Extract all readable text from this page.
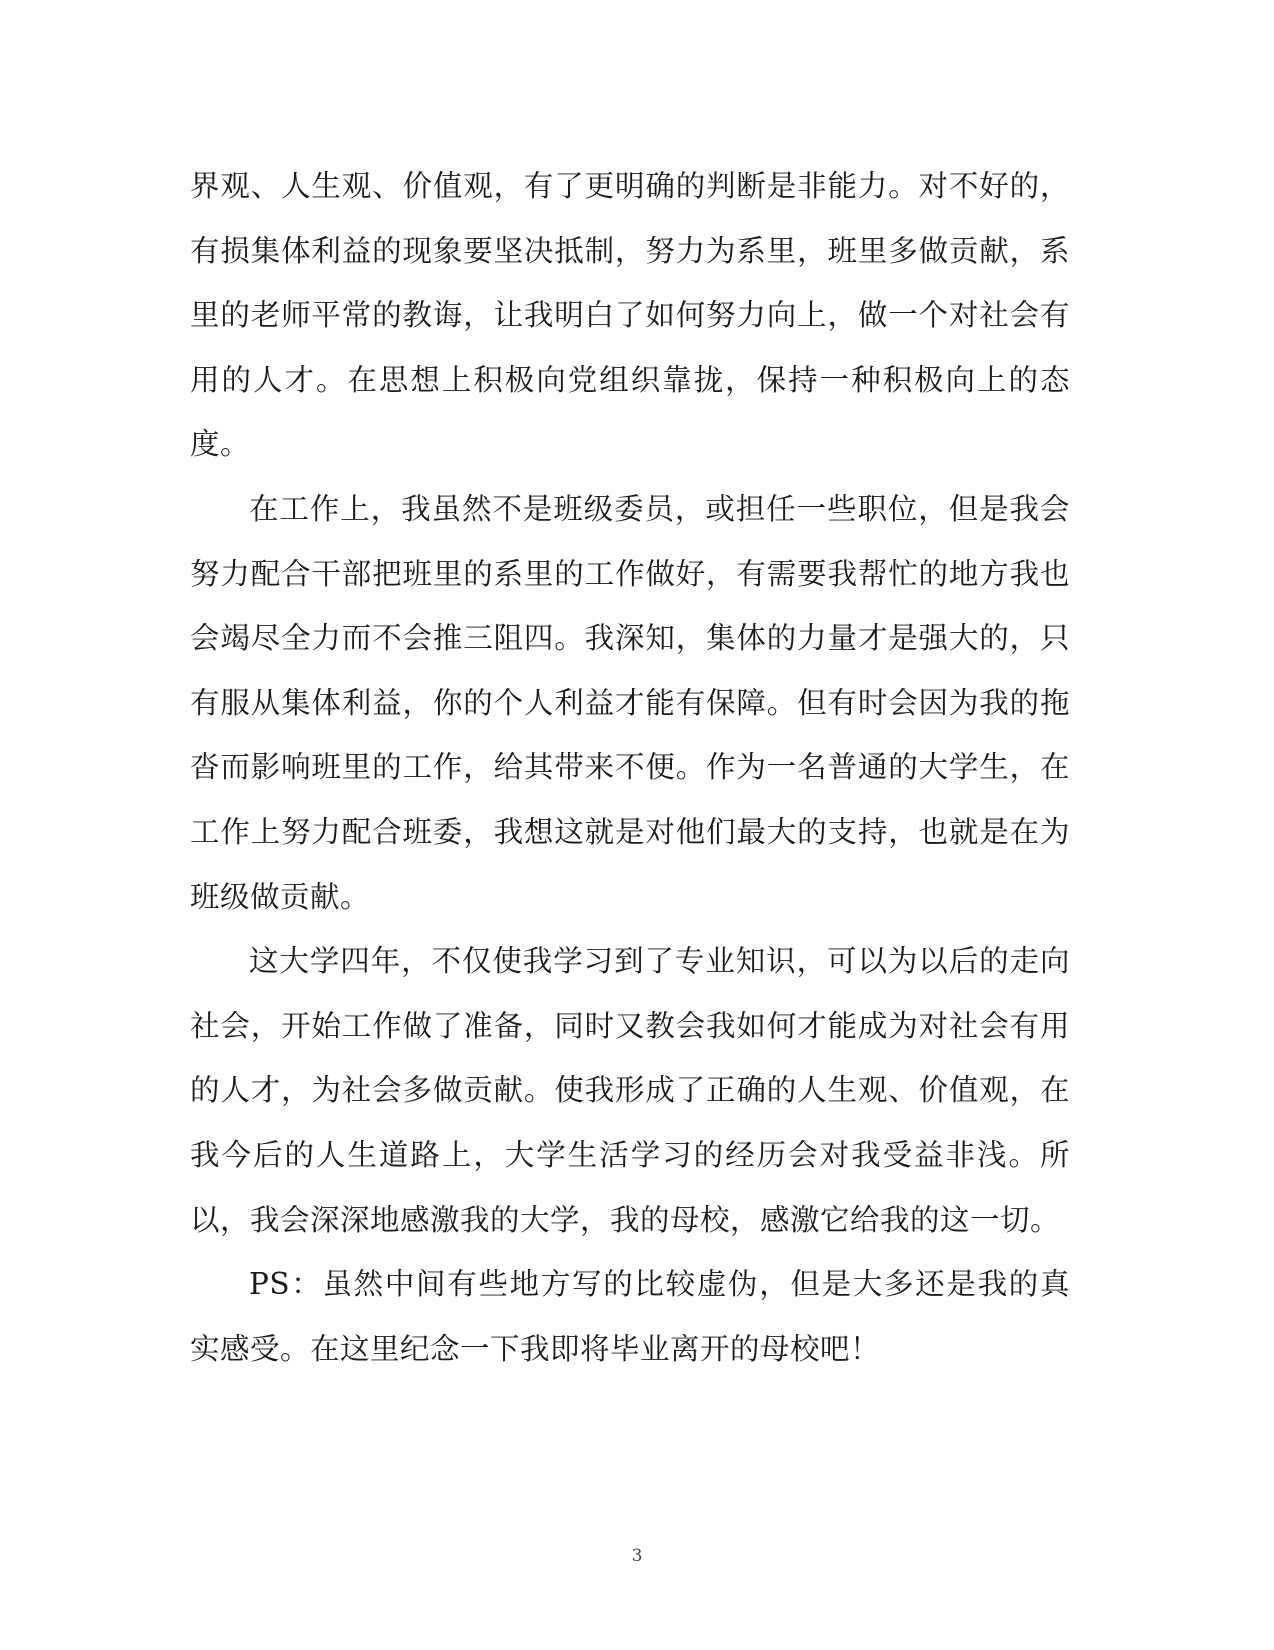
界观、人生观、价值观，有了更明确的判断是非能力。对不好的，有损集体利益的现象要坚决抵制，努力为系里，班里多做贡献，系里的老师平常的教诲，让我明白了如何努力向上，做一个对社会有用的人才。在思想上积极向党组织靠拢，保持一种积极向上的态度。

在工作上，我虽然不是班级委员，或担任一些职位，但是我会努力配合干部把班里的系里的工作做好，有需要我帮忙的地方我也会竭尽全力而不会推三阻四。我深知，集体的力量才是强大的，只有服从集体利益，你的个人利益才能有保障。但有时会因为我的拖沓而影响班里的工作，给其带来不便。作为一名普通的大学生，在工作上努力配合班委，我想这就是对他们最大的支持，也就是在为班级做贡献。

这大学四年，不仅使我学习到了专业知识，可以为以后的走向社会，开始工作做了准备，同时又教会我如何才能成为对社会有用的人才，为社会多做贡献。使我形成了正确的人生观、价值观，在我今后的人生道路上，大学生活学习的经历会对我受益非浅。所以，我会深深地感激我的大学，我的母校，感激它给我的这一切。

PS：虽然中间有些地方写的比较虚伪，但是大多还是我的真实感受。在这里纪念一下我即将毕业离开的母校吧！

3
